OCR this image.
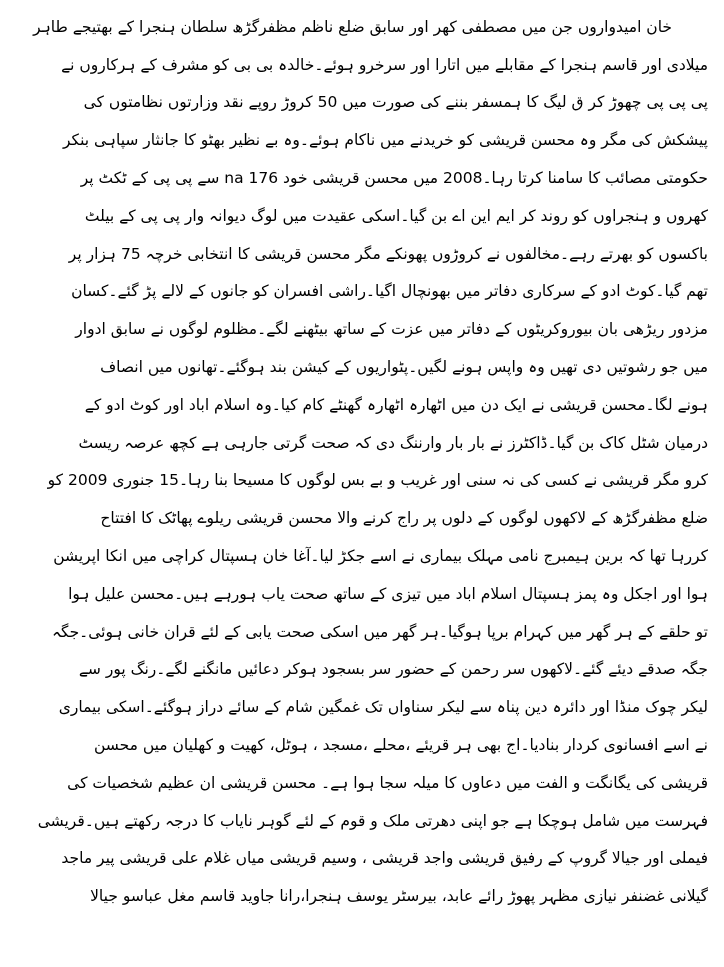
خان امیدواروں جن میں مصطفی کھر اور سابق ضلع ناظم مظفرگڑھ سلطان ہنجرا کے بھتیجے طاہر
میلادی اور قاسم ہنجرا کے مقابلے میں اتارا اور سرخرو ہوئے۔خالدہ بی بی کو مشرف کے ہرکاروں نے
پی پی پی چھوڑ کر ق لیگ کا ہمسفر بننے کی صورت میں 50 کروڑ روپے نقد وزارتوں نظامتوں کی
پیشکش کی مگر وہ محسن قریشی کو خریدنے میں ناکام ہوئے۔وہ بے نظیر بھٹو کا جانثار سپاہی بنکر
حکومتی مصائب کا سامنا کرتا رہا۔2008 میں محسن قریشی خود na 176 سے پی پی کے ٹکٹ پر
کھروں و ہنجراوں کو روند کر ایم این اے بن گیا۔اسکی عقیدت میں لوگ دیوانہ وار پی پی کے بیلٹ
باکسوں کو بھرتے رہے۔مخالفوں نے کروڑوں پھونکے مگر محسن قریشی کا انتخابی خرچہ 75 ہزار پر
تھم گیا۔کوٹ ادو کے سرکاری دفاتر میں بھونچال اگیا۔راشی افسران کو جانوں کے لالے پڑ گئے۔کسان
مزدور ریڑھی بان بیوروکریٹوں کے دفاتر میں عزت کے ساتھ بیٹھنے لگے۔مظلوم لوگوں نے سابق ادوار
میں جو رشوتیں دی تھیں وہ واپس ہونے لگیں۔پٹواریوں کے کیشن بند ہوگئے۔تھانوں میں انصاف
ہونے لگا۔محسن قریشی نے ایک دن میں اٹھارہ اٹھارہ گھنٹے کام کیا۔وہ اسلام اباد اور کوٹ ادو کے
درمیان شٹل کاک بن گیا۔ڈاکٹرز نے بار بار وارننگ دی کہ صحت گرتی جارہی ہے کچھ عرصہ ریسٹ
کرو مگر قریشی نے کسی کی نہ سنی اور غریب و بے بس لوگوں کا مسیحا بنا رہا۔15 جنوری 2009 کو
ضلع مظفرگڑھ کے لاکھوں لوگوں کے دلوں پر راج کرنے والا محسن قریشی ریلوے پھاٹک کا افتتاح
کررہا تھا کہ برین ہیمبرج نامی مہلک بیماری نے اسے جکڑ لیا۔آغا خان ہسپتال کراچی میں انکا اپریشن
ہوا اور اجکل وہ پمز ہسپتال اسلام اباد میں تیزی کے ساتھ صحت یاب ہورہے ہیں۔محسن علیل ہوا
تو حلقے کے ہر گھر میں کہرام برپا ہوگیا۔ہر گھر میں اسکی صحت یابی کے لئے قران خانی ہوئی۔جگہ
جگہ صدقے دیئے گئے۔لاکھوں سر رحمن کے حضور سر بسجود ہوکر دعائیں مانگنے لگے۔رنگ پور سے
لیکر چوک منڈا اور دائرہ دین پناہ سے لیکر سناواں تک غمگین شام کے سائے دراز ہوگئے۔اسکی بیماری
نے اسے افسانوی کردار بنادیا۔اج بھی ہر قریئے ،محلے ،مسجد ، ہوٹل، کھیت و کھلیان میں محسن
قریشی کی یگانگت و الفت میں دعاوں کا میلہ سجا ہوا ہے۔ محسن قریشی ان عظیم شخصیات کی
فہرست میں شامل ہوچکا ہے جو اپنی دھرتی ملک و قوم کے لئے گوہر نایاب کا درجہ رکھتے ہیں۔قریشی
فیملی اور جیالا گروپ کے رفیق قریشی واجد قریشی ، وسیم قریشی میاں غلام علی قریشی پیر ماجد
گیلانی غضنفر نیازی مظہر پھوڑ رائے عابد، بیرسٹر یوسف ہنجرا،رانا جاوید قاسم مغل عباسو جیالا
